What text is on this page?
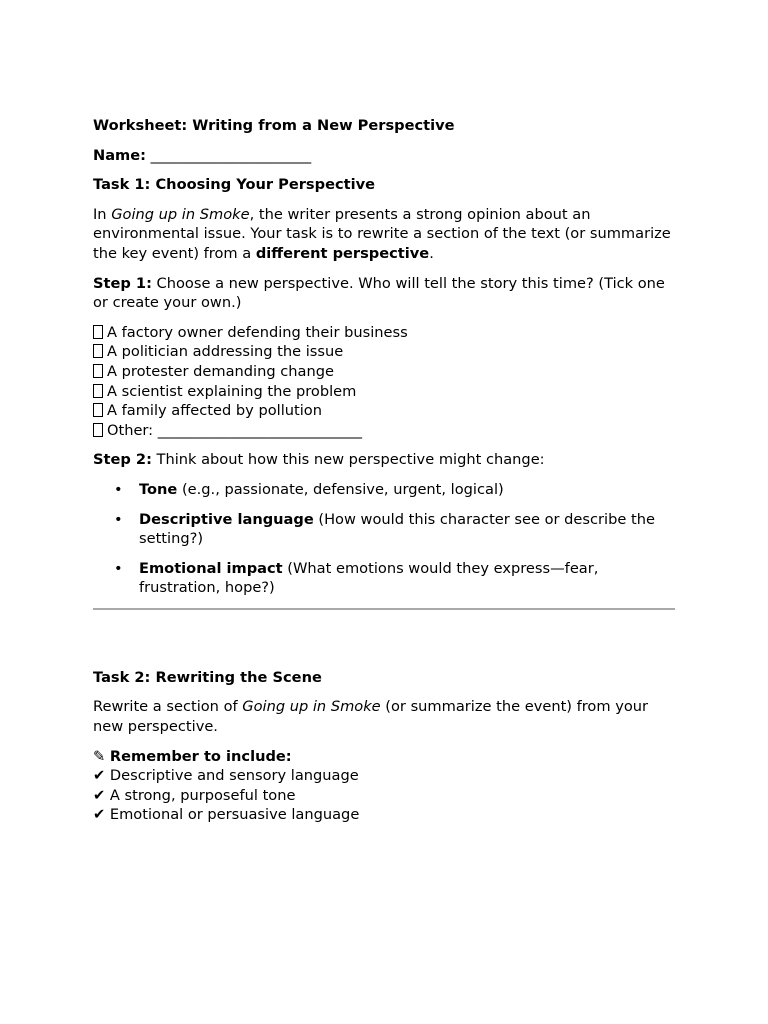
Worksheet: Writing from a New Perspective

Name: ______________________

Task 1: Choosing Your Perspective

In Going up in Smoke, the writer presents a strong opinion about an environmental issue. Your task is to rewrite a section of the text (or summarize the key event) from a different perspective.

Step 1: Choose a new perspective. Who will tell the story this time? (Tick one or create your own.)

A factory owner defending their business
A politician addressing the issue
A protester demanding change
A scientist explaining the problem
A family affected by pollution
Other: ____________________________

Step 2: Think about how this new perspective might change:

• Tone (e.g., passionate, defensive, urgent, logical)
• Descriptive language (How would this character see or describe the setting?)
• Emotional impact (What emotions would they express—fear, frustration, hope?)

Task 2: Rewriting the Scene

Rewrite a section of Going up in Smoke (or summarize the event) from your new perspective.

✎ Remember to include:
✔ Descriptive and sensory language
✔ A strong, purposeful tone
✔ Emotional or persuasive language
